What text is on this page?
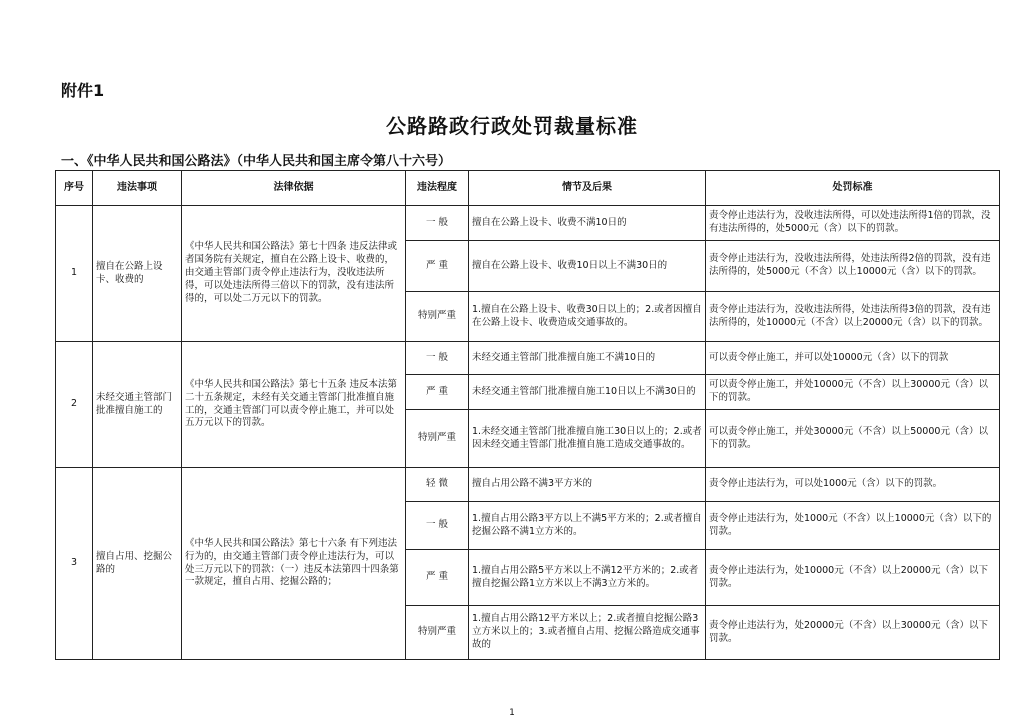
附件1
公路路政行政处罚裁量标准
一、《中华人民共和国公路法》（中华人民共和国主席令第八十六号）
序号	违法事项	法律依据	违法程度	情节及后果	处罚标准
1	擅自在公路上设卡、收费的	《中华人民共和国公路法》第七十四条 违反法律或者国务院有关规定，擅自在公路上设卡、收费的，由交通主管部门责令停止违法行为，没收违法所得，可以处违法所得三倍以下的罚款，没有违法所得的，可以处二万元以下的罚款。	一 般	擅自在公路上设卡、收费不满10日的	责令停止违法行为，没收违法所得，可以处违法所得1倍的罚款，没有违法所得的，处5000元（含）以下的罚款。
			严 重	擅自在公路上设卡、收费10日以上不满30日的	责令停止违法行为，没收违法所得，处违法所得2倍的罚款，没有违法所得的，处5000元（不含）以上10000元（含）以下的罚款。
			特别严重	1.擅自在公路上设卡、收费30日以上的；2.或者因擅自在公路上设卡、收费造成交通事故的。	责令停止违法行为，没收违法所得，处违法所得3倍的罚款，没有违法所得的，处10000元（不含）以上20000元（含）以下的罚款。
2	未经交通主管部门批准擅自施工的	《中华人民共和国公路法》第七十五条 违反本法第二十五条规定，未经有关交通主管部门批准擅自施工的，交通主管部门可以责令停止施工，并可以处五万元以下的罚款。	一 般	未经交通主管部门批准擅自施工不满10日的	可以责令停止施工，并可以处10000元（含）以下的罚款
			严 重	未经交通主管部门批准擅自施工10日以上不满30日的	可以责令停止施工，并处10000元（不含）以上30000元（含）以下的罚款。
			特别严重	1.未经交通主管部门批准擅自施工30日以上的；2.或者因未经交通主管部门批准擅自施工造成交通事故的。	可以责令停止施工，并处30000元（不含）以上50000元（含）以下的罚款。
3	擅自占用、挖掘公路的	《中华人民共和国公路法》第七十六条 有下列违法行为的，由交通主管部门责令停止违法行为，可以处三万元以下的罚款：（一）违反本法第四十四条第一款规定，擅自占用、挖掘公路的；	轻 微	擅自占用公路不满3平方米的	责令停止违法行为，可以处1000元（含）以下的罚款。
			一 般	1.擅自占用公路3平方以上不满5平方米的；2.或者擅自挖掘公路不满1立方米的。	责令停止违法行为，处1000元（不含）以上10000元（含）以下的罚款。
			严 重	1.擅自占用公路5平方米以上不满12平方米的；2.或者擅自挖掘公路1立方米以上不满3立方米的。	责令停止违法行为，处10000元（不含）以上20000元（含）以下罚款。
			特别严重	1.擅自占用公路12平方米以上；2.或者擅自挖掘公路3立方米以上的；3.或者擅自占用、挖掘公路造成交通事故的	责令停止违法行为，处20000元（不含）以上30000元（含）以下罚款。
1
